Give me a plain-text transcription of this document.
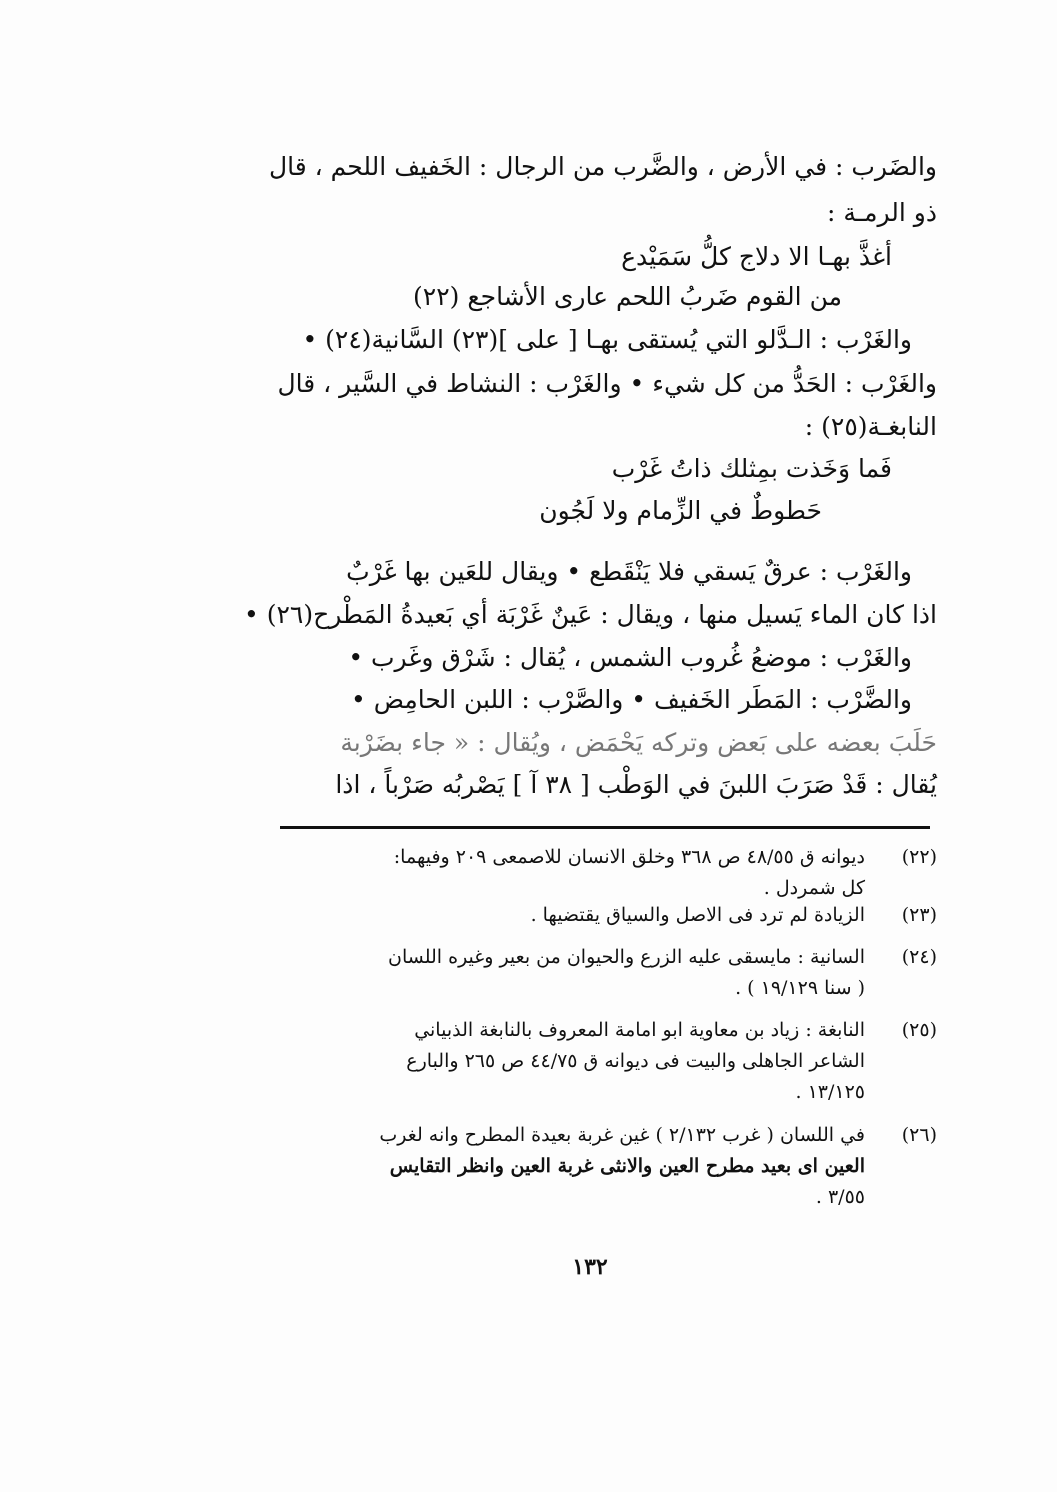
والضَرب : في الأرض ، والضَّرب من الرجال : الخَفيف اللحم ، قال
ذو الرمـة :
أغذَّ بهـا الا دلاج كلُّ سَمَيْدع
من القوم ضَربُ اللحم عارى الأشاجع (٢٢)
والغَرْب : الـدَّلو التي يُستقى بهـا [ على ](٢٣) السَّانية(٢٤) •
والغَرْب : الحَدُّ من كل شيء • والغَرْب : النشاط في السَّير ، قال
النابغـة(٢٥) :
فَما وَخَذت بمِثلك ذاتُ غَرْب
حَطوطٌ في الزِّمام ولا لَجُون
والغَرْب : عرقٌ يَسقي فلا يَنْقَطع • ويقال للعَين بها غَرْبٌ
اذا كان الماء يَسيل منها ، ويقال : عَينٌ غَرْبَة أي بَعيدةُ المَطْرح(٢٦) •
والغَرْب : موضعُ غُروب الشمس ، يُقال : شَرْق وغَرب •
والضَّرْب : المَطَر الخَفيف • والصَّرْب : اللبن الحامِض •
حَلَبَ بعضه على بَعض وتركه يَحْمَض ، ويُقال : « جاء بضَرْبة
يُقال : قَدْ صَرَبَ اللبنَ في الوَطْب [ ٣٨ آ ] يَصْربُه صَرْباً ، اذا
(٢٢)
ديوانه ق ٤٨/٥٥ ص ٣٦٨ وخلق الانسان للاصمعى ٢٠٩ وفيهما:
كل شمردل .
(٢٣)
الزيادة لم ترد فى الاصل والسياق يقتضيها .
(٢٤)
السانية : مايسقى عليه الزرع والحيوان من بعير وغيره اللسان
( سنا ١٩/١٢٩ ) .
(٢٥)
النابغة : زياد بن معاوية ابو امامة المعروف بالنابغة الذبياني
الشاعر الجاهلى والبيت فى ديوانه ق ٤٤/٧٥ ص ٢٦٥ والبارع
١٣/١٢٥ .
(٢٦)
في اللسان ( غرب ٢/١٣٢ ) غين غربة بعيدة المطرح وانه لغرب
العين اى بعيد مطرح العين والانثى غربة العين وانظر التقايس
٣/٥٥ .
١٣٢
